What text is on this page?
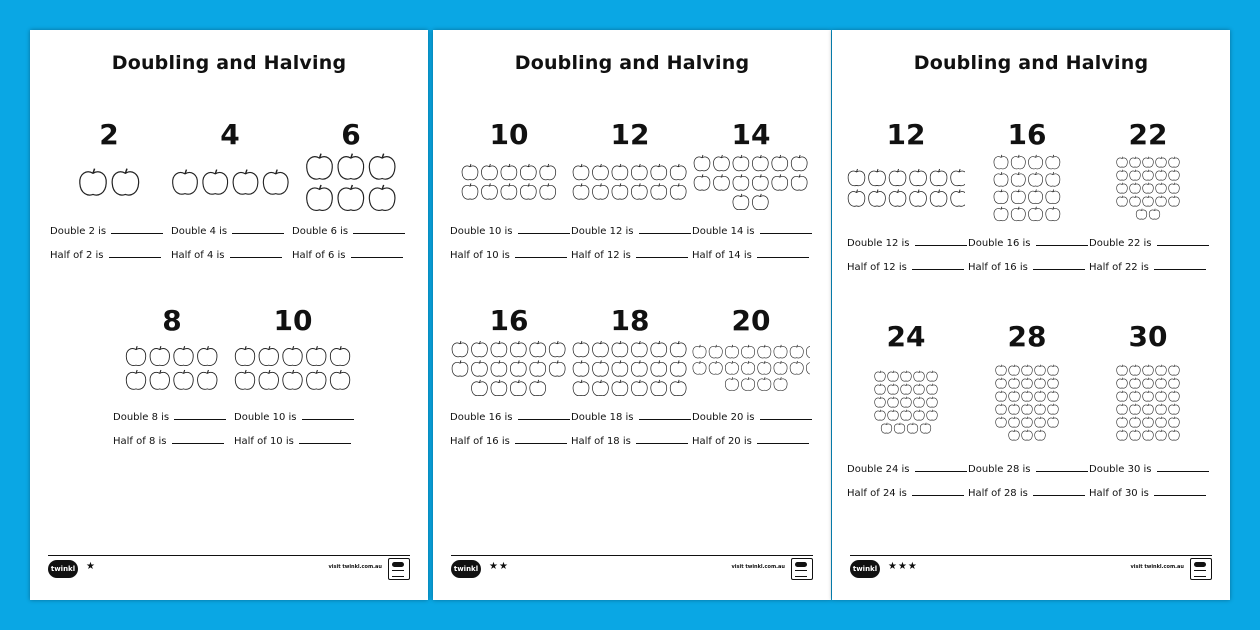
Doubling and Halving
2
Double 2 is
Half of 2 is
4
Double 4 is
Half of 4 is
6
Double 6 is
Half of 6 is
8
Double 8 is
Half of 8 is
10
Double 10 is
Half of 10 is
twinkl ★	visit twinkl.com.au
Doubling and Halving
10
Double 10 is
Half of 10 is
12
Double 12 is
Half of 12 is
14
Double 14 is
Half of 14 is
16
Double 16 is
Half of 16 is
18
Double 18 is
Half of 18 is
20
Double 20 is
Half of 20 is
twinkl ★★	visit twinkl.com.au
Doubling and Halving
12
Double 12 is
Half of 12 is
16
Double 16 is
Half of 16 is
22
Double 22 is
Half of 22 is
24
Double 24 is
Half of 24 is
28
Double 28 is
Half of 28 is
30
Double 30 is
Half of 30 is
twinkl ★★★	visit twinkl.com.au
